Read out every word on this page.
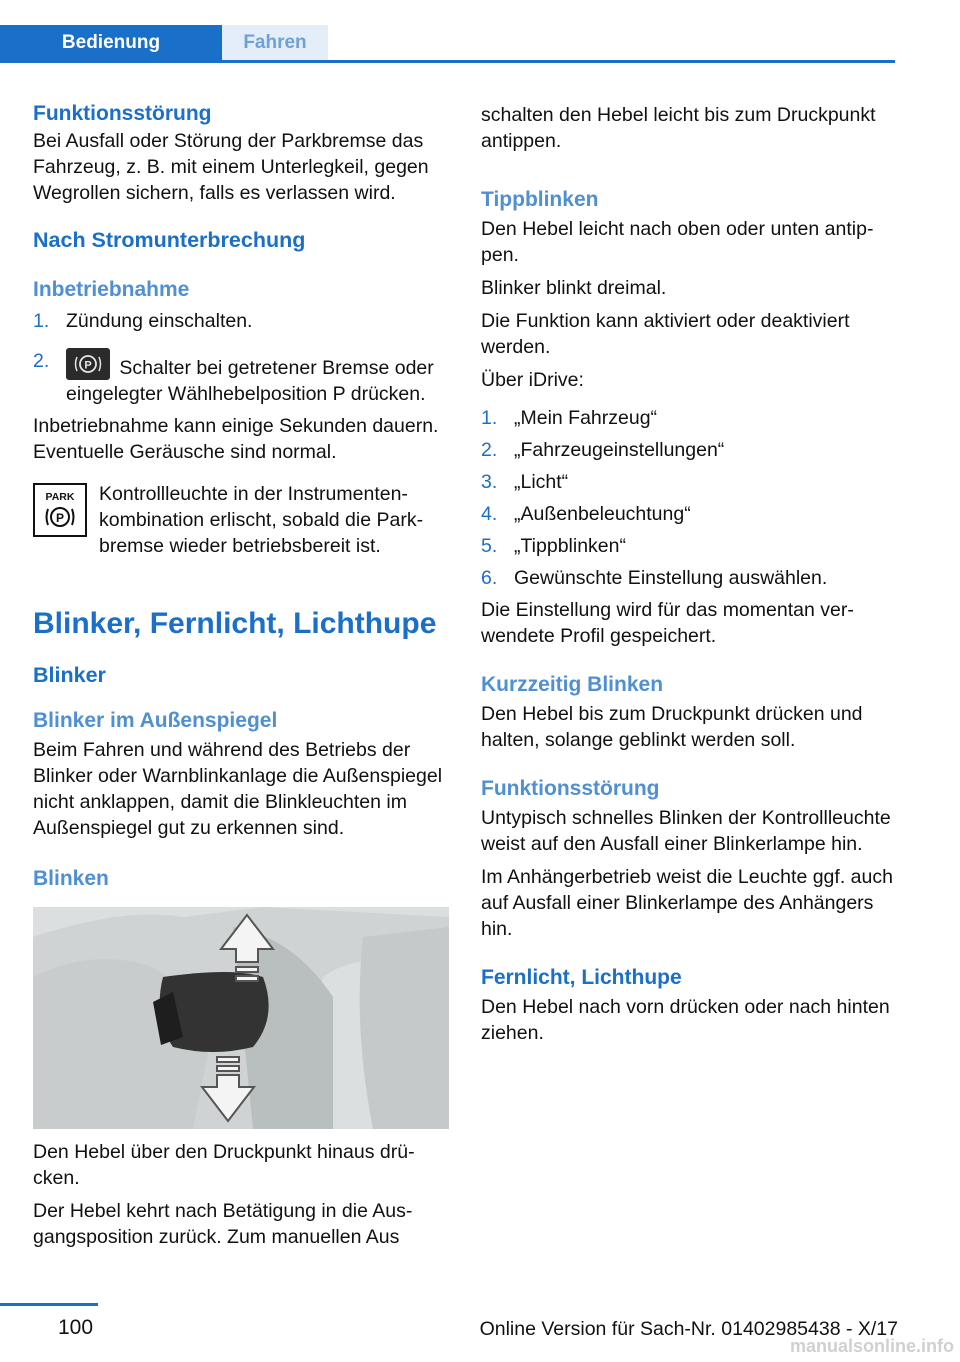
Bedienung	Fahren
Funktionsstörung

Bei Ausfall oder Störung der Parkbremse das Fahrzeug, z. B. mit einem Unterlegkeil, gegen Wegrollen sichern, falls es verlassen wird.

Nach Stromunterbrechung
Inbetriebnahme
1. Zündung einschalten.
2.	P Schalter bei getretener Bremse oder eingelegter Wählhebelposition P drücken.

Inbetriebnahme kann einige Sekunden dauern. Eventuelle Geräusche sind normal.

PARK
P

Kontrollleuchte in der Instrumentenkombination erlischt, sobald die Parkbremse wieder betriebsbereit ist.

Blinker, Fernlicht, Lichthupe
Blinker
Blinker im Außenspiegel

Beim Fahren und während des Betriebs der Blinker oder Warnblinkanlage die Außenspiegel nicht anklappen, damit die Blinkleuchten im Außenspiegel gut zu erkennen sind.

Blinken

Den Hebel über den Druckpunkt hinaus drücken.

Der Hebel kehrt nach Betätigung in die Ausgangsposition zurück. Zum manuellen Aus

schalten den Hebel leicht bis zum Druckpunkt antippen.

Tippblinken

Den Hebel leicht nach oben oder unten antippen.

Blinker blinkt dreimal.

Die Funktion kann aktiviert oder deaktiviert werden.

Über iDrive:

1. „Mein Fahrzeug“
2. „Fahrzeugeinstellungen“
3. „Licht“
4. „Außenbeleuchtung“
5. „Tippblinken“
6. Gewünschte Einstellung auswählen.

Die Einstellung wird für das momentan verwendete Profil gespeichert.

Kurzzeitig Blinken

Den Hebel bis zum Druckpunkt drücken und halten, solange geblinkt werden soll.

Funktionsstörung

Untypisch schnelles Blinken der Kontrollleuchte weist auf den Ausfall einer Blinkerlampe hin.

Im Anhängerbetrieb weist die Leuchte ggf. auch auf Ausfall einer Blinkerlampe des Anhängers hin.

Fernlicht, Lichthupe

Den Hebel nach vorn drücken oder nach hinten ziehen.

100	Online Version für Sach-Nr. 01402985438 - X/17
manualsonline.info
